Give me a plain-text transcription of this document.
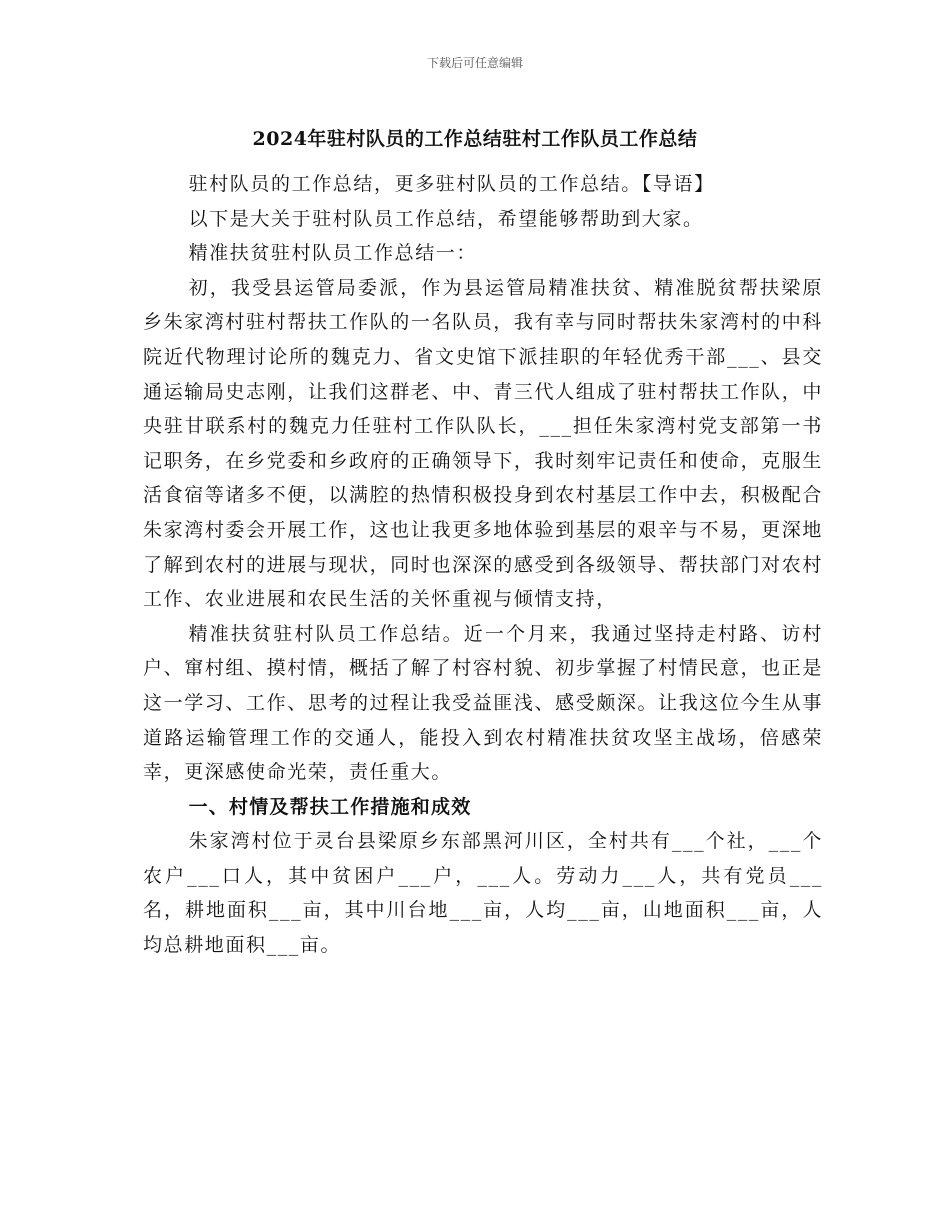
下载后可任意编辑
2024年驻村队员的工作总结驻村工作队员工作总结

驻村队员的工作总结，更多驻村队员的工作总结。【导语】

以下是大关于驻村队员工作总结，希望能够帮助到大家。

精准扶贫驻村队员工作总结一：

初，我受县运管局委派，作为县运管局精准扶贫、精准脱贫帮扶梁原乡朱家湾村驻村帮扶工作队的一名队员，我有幸与同时帮扶朱家湾村的中科院近代物理讨论所的魏克力、省文史馆下派挂职的年轻优秀干部___、县交通运输局史志刚，让我们这群老、中、青三代人组成了驻村帮扶工作队，中央驻甘联系村的魏克力任驻村工作队队长，___担任朱家湾村党支部第一书记职务，在乡党委和乡政府的正确领导下，我时刻牢记责任和使命，克服生活食宿等诸多不便，以满腔的热情积极投身到农村基层工作中去，积极配合朱家湾村委会开展工作，这也让我更多地体验到基层的艰辛与不易，更深地了解到农村的进展与现状，同时也深深的感受到各级领导、帮扶部门对农村工作、农业进展和农民生活的关怀重视与倾情支持，

精准扶贫驻村队员工作总结。近一个月来，我通过坚持走村路、访村户、窜村组、摸村情，概括了解了村容村貌、初步掌握了村情民意，也正是这一学习、工作、思考的过程让我受益匪浅、感受颇深。让我这位今生从事道路运输管理工作的交通人，能投入到农村精准扶贫攻坚主战场，倍感荣幸，更深感使命光荣，责任重大。

一、村情及帮扶工作措施和成效

朱家湾村位于灵台县梁原乡东部黑河川区，全村共有___个社，___个农户___口人，其中贫困户___户，___人。劳动力___人，共有党员___名，耕地面积___亩，其中川台地___亩，人均___亩，山地面积___亩，人均总耕地面积___亩。
